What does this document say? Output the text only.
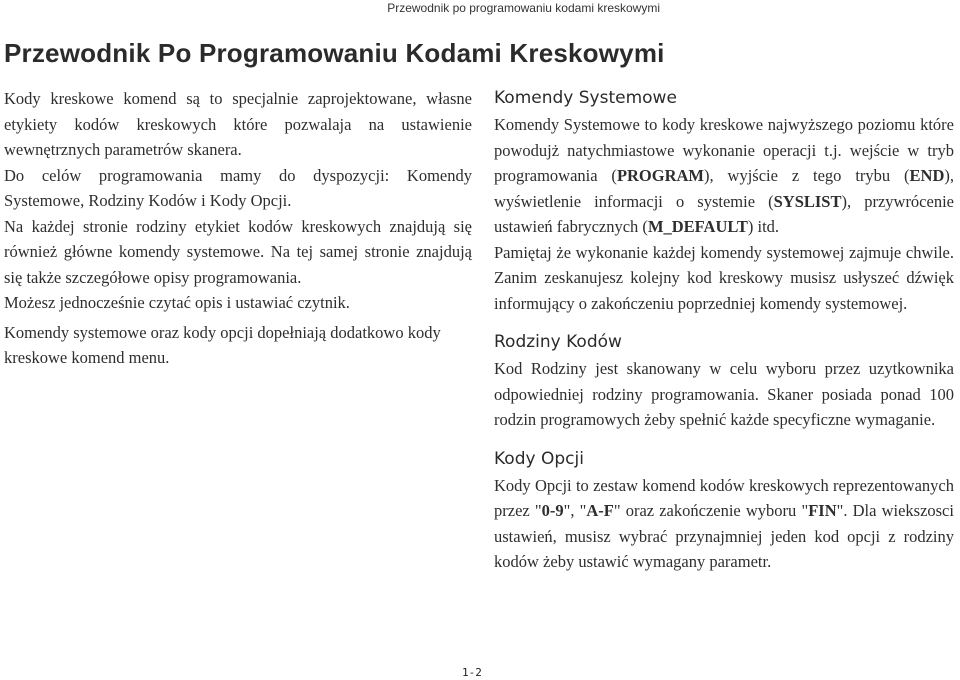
Przewodnik po programowaniu kodami kreskowymi
Przewodnik Po Programowaniu Kodami Kreskowymi

Kody kreskowe komend są to specjalnie zaprojektowane, własne etykiety kodów kreskowych które pozwalaja na ustawienie wewnętrznych parametrów skanera.

Do celów programowania mamy do dyspozycji: Komendy Systemowe, Rodziny Kodów i Kody Opcji.

Na każdej stronie rodziny etykiet kodów kreskowych znajdują się również główne komendy systemowe. Na tej samej stronie znajdują się także szczegółowe opisy programowania.

Możesz jednocześnie czytać opis i ustawiać czytnik.

Komendy systemowe oraz kody opcji dopełniają dodatkowo kody kreskowe komend menu.

Komendy Systemowe

Komendy Systemowe to kody kreskowe najwyższego poziomu które powodujż natychmiastowe wykonanie operacji t.j. wejście w tryb programowania (PROGRAM), wyjście z tego trybu (END), wyświetlenie informacji o systemie (SYSLIST), przywrócenie ustawień fabrycznych (M_DEFAULT) itd.

Pamiętaj że wykonanie każdej komendy systemowej zajmuje chwile. Zanim zeskanujesz kolejny kod kreskowy musisz usłyszeć dźwięk informujący o zakończeniu poprzedniej komendy systemowej.

Rodziny Kodów

Kod Rodziny jest skanowany w celu wyboru przez uzytkownika odpowiedniej rodziny programowania. Skaner posiada ponad 100 rodzin programowych żeby spełnić każde specyficzne wymaganie.

Kody Opcji

Kody Opcji to zestaw komend kodów kreskowych reprezentowanych przez "0-9", "A-F" oraz zakończenie wyboru "FIN". Dla wiekszosci ustawień, musisz wybrać przynajmniej jeden kod opcji z rodziny kodów żeby ustawić wymagany parametr.

1-2
